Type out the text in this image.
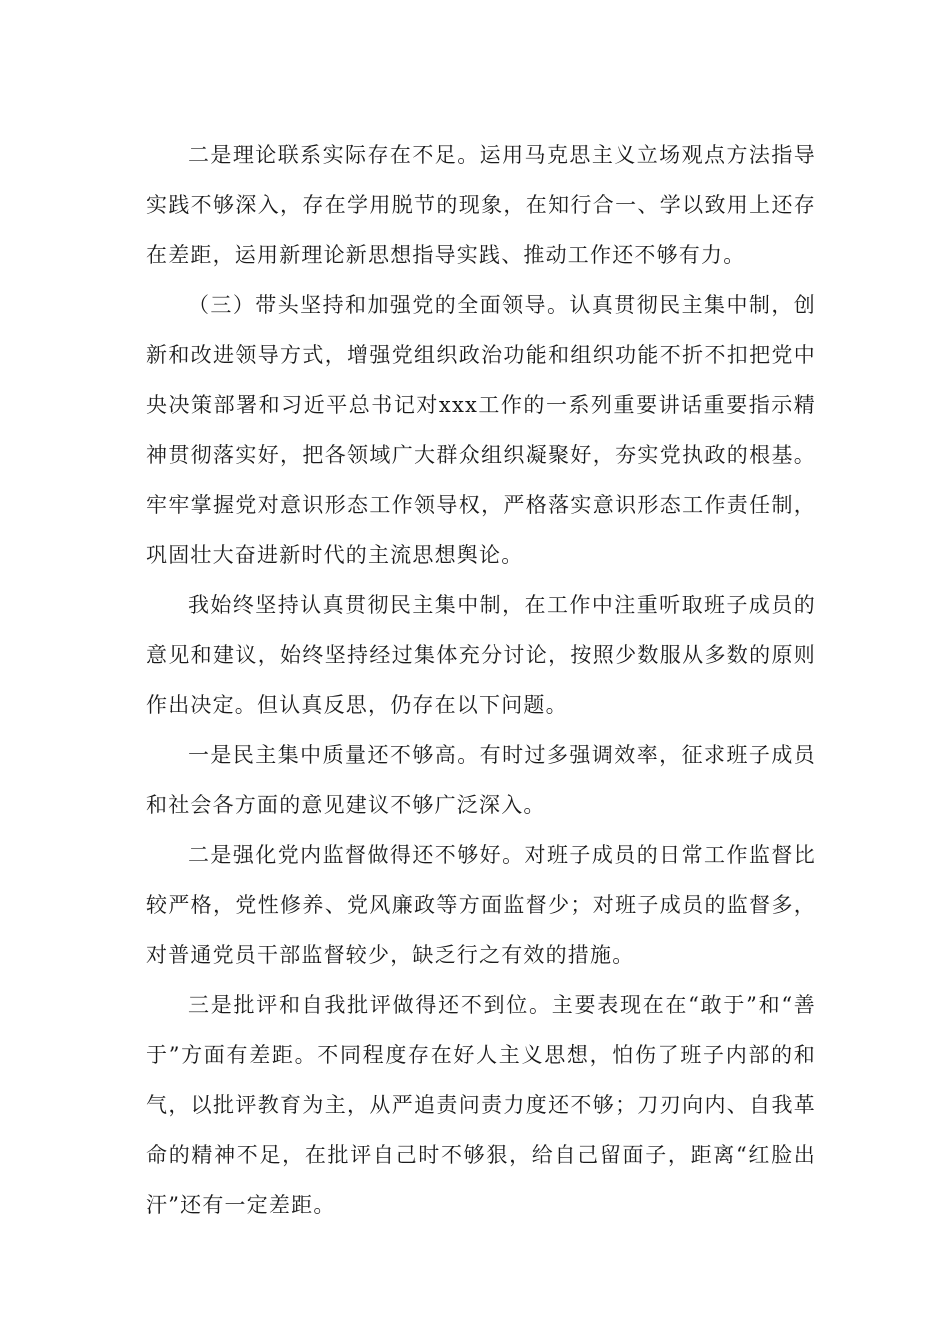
二是理论联系实际存在不足。运用马克思主义立场观点方法指导实践不够深入，存在学用脱节的现象，在知行合一、学以致用上还存在差距，运用新理论新思想指导实践、推动工作还不够有力。

（三）带头坚持和加强党的全面领导。认真贯彻民主集中制，创新和改进领导方式，增强党组织政治功能和组织功能不折不扣把党中央决策部署和习近平总书记对xxx工作的一系列重要讲话重要指示精神贯彻落实好，把各领域广大群众组织凝聚好，夯实党执政的根基。牢牢掌握党对意识形态工作领导权，严格落实意识形态工作责任制，巩固壮大奋进新时代的主流思想舆论。

我始终坚持认真贯彻民主集中制，在工作中注重听取班子成员的意见和建议，始终坚持经过集体充分讨论，按照少数服从多数的原则作出决定。但认真反思，仍存在以下问题。

一是民主集中质量还不够高。有时过多强调效率，征求班子成员和社会各方面的意见建议不够广泛深入。

二是强化党内监督做得还不够好。对班子成员的日常工作监督比较严格，党性修养、党风廉政等方面监督少；对班子成员的监督多，对普通党员干部监督较少，缺乏行之有效的措施。

三是批评和自我批评做得还不到位。主要表现在在“敢于”和“善于”方面有差距。不同程度存在好人主义思想，怕伤了班子内部的和气，以批评教育为主，从严追责问责力度还不够；刀刃向内、自我革命的精神不足，在批评自己时不够狠，给自己留面子，距离“红脸出汗”还有一定差距。
